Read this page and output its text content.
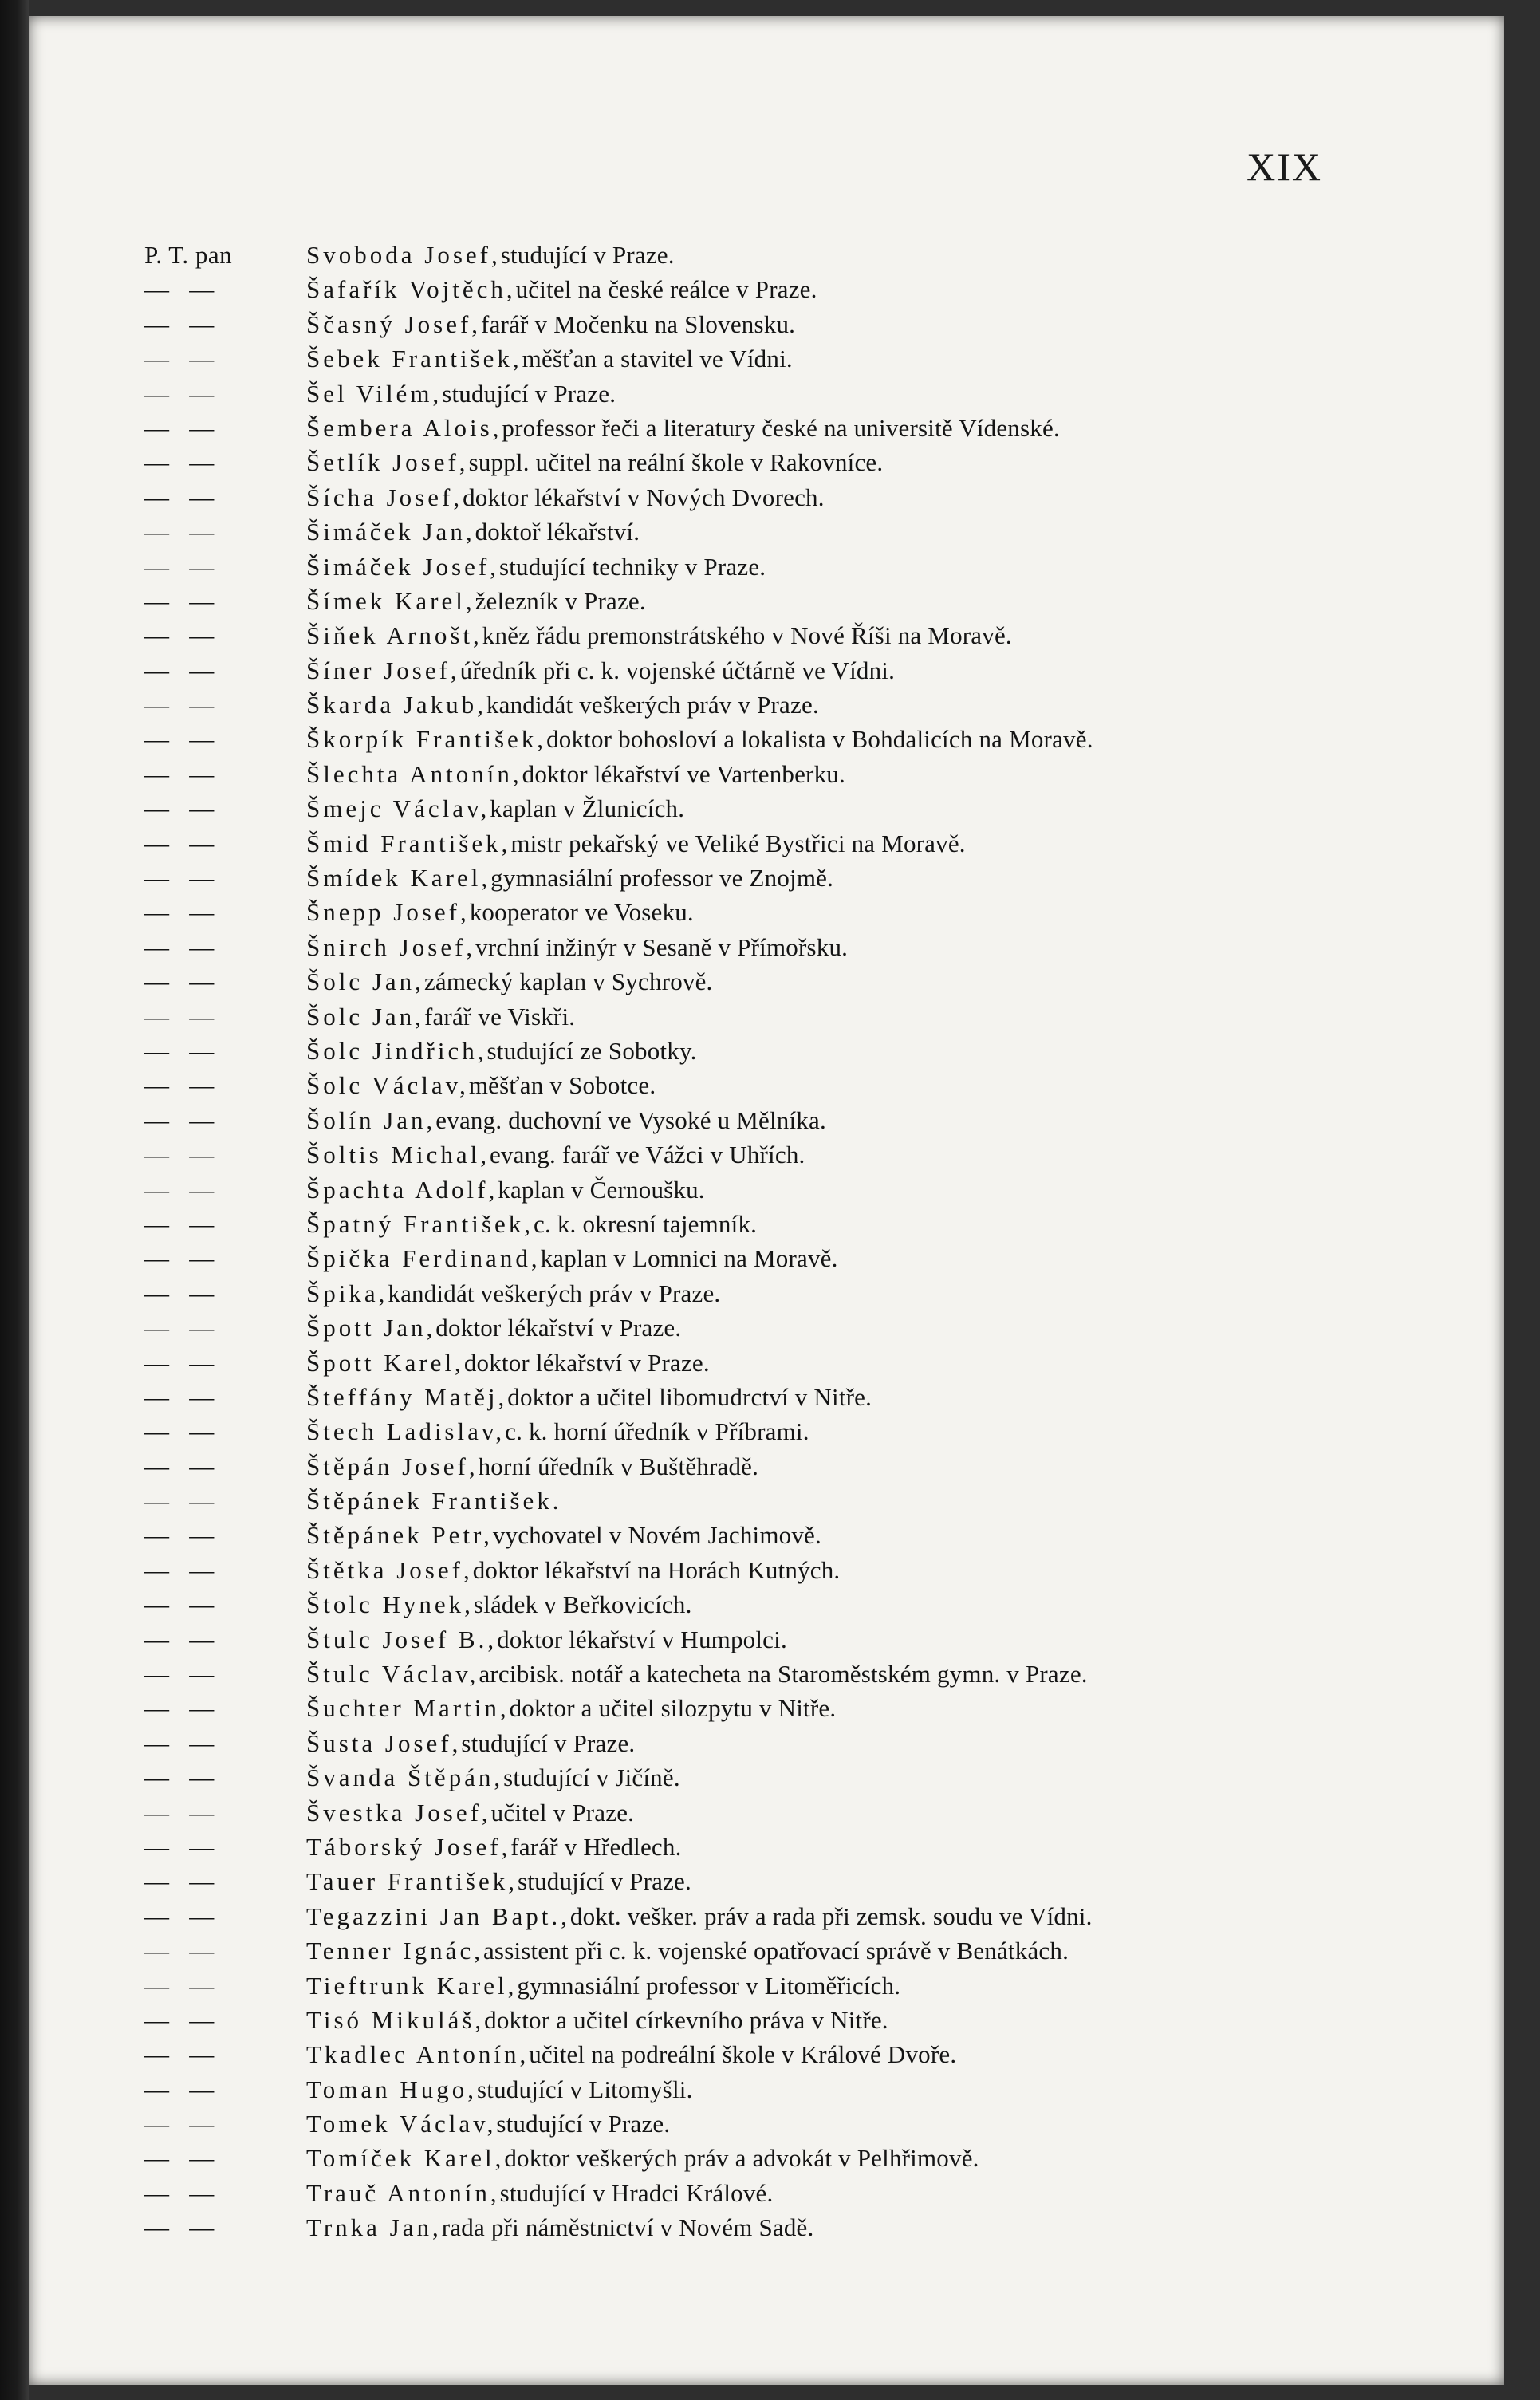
XIX

P. T. pan	Svoboda Josef, studující v Praze.
—   —	Šafařík Vojtěch, učitel na české reálce v Praze.
—   —	Ščasný Josef, farář v Močenku na Slovensku.
—   —	Šebek František, měšťan a stavitel ve Vídni.
—   —	Šel Vilém, studující v Praze.
—   —	Šembera Alois, professor řeči a literatury české na universitě Vídenské.
—   —	Šetlík Josef, suppl. učitel na reální škole v Rakovníce.
—   —	Šícha Josef, doktor lékařství v Nových Dvorech.
—   —	Šimáček Jan, doktoř lékařství.
—   —	Šimáček Josef, studující techniky v Praze.
—   —	Šímek Karel, železník v Praze.
—   —	Šiňek Arnošt, kněz řádu premonstrátského v Nové Říši na Moravě.
—   —	Šíner Josef, úředník při c. k. vojenské účtárně ve Vídni.
—   —	Škarda Jakub, kandidát veškerých práv v Praze.
—   —	Škorpík František, doktor bohosloví a lokalista v Bohdalicích na Moravě.
—   —	Šlechta Antonín, doktor lékařství ve Vartenberku.
—   —	Šmejc Václav, kaplan v Žlunicích.
—   —	Šmid František, mistr pekařský ve Veliké Bystřici na Moravě.
—   —	Šmídek Karel, gymnasiální professor ve Znojmě.
—   —	Šnepp Josef, kooperator ve Voseku.
—   —	Šnirch Josef, vrchní inžinýr v Sesaně v Přímořsku.
—   —	Šolc Jan, zámecký kaplan v Sychrově.
—   —	Šolc Jan, farář ve Viskři.
—   —	Šolc Jindřich, studující ze Sobotky.
—   —	Šolc Václav, měšťan v Sobotce.
—   —	Šolín Jan, evang. duchovní ve Vysoké u Mělníka.
—   —	Šoltis Michal, evang. farář ve Vážci v Uhřích.
—   —	Špachta Adolf, kaplan v Černoušku.
—   —	Špatný František, c. k. okresní tajemník.
—   —	Špička Ferdinand, kaplan v Lomnici na Moravě.
—   —	Špika, kandidát veškerých práv v Praze.
—   —	Špott Jan, doktor lékařství v Praze.
—   —	Špott Karel, doktor lékařství v Praze.
—   —	Šteffány Matěj, doktor a učitel libomudrctví v Nitře.
—   —	Štech Ladislav, c. k. horní úředník v Příbrami.
—   —	Štěpán Josef, horní úředník v Buštěhradě.
—   —	Štěpánek František.
—   —	Štěpánek Petr, vychovatel v Novém Jachimově.
—   —	Štětka Josef, doktor lékařství na Horách Kutných.
—   —	Štolc Hynek, sládek v Beřkovicích.
—   —	Štulc Josef B., doktor lékařství v Humpolci.
—   —	Štulc Václav, arcibisk. notář a katecheta na Staroměstském gymn. v Praze.
—   —	Šuchter Martin, doktor a učitel silozpytu v Nitře.
—   —	Šusta Josef, studující v Praze.
—   —	Švanda Štěpán, studující v Jičíně.
—   —	Švestka Josef, učitel v Praze.
—   —	Táborský Josef, farář v Hředlech.
—   —	Tauer František, studující v Praze.
—   —	Tegazzini Jan Bapt., dokt. vešker. práv a rada při zemsk. soudu ve Vídni.
—   —	Tenner Ignác, assistent při c. k. vojenské opatřovací správě v Benátkách.
—   —	Tieftrunk Karel, gymnasiální professor v Litoměřicích.
—   —	Tisó Mikuláš, doktor a učitel církevního práva v Nitře.
—   —	Tkadlec Antonín, učitel na podreální škole v Králové Dvoře.
—   —	Toman Hugo, studující v Litomyšli.
—   —	Tomek Václav, studující v Praze.
—   —	Tomíček Karel, doktor veškerých práv a advokát v Pelhřimově.
—   —	Trauč Antonín, studující v Hradci Králové.
—   —	Trnka Jan, rada při náměstnictví v Novém Sadě.
